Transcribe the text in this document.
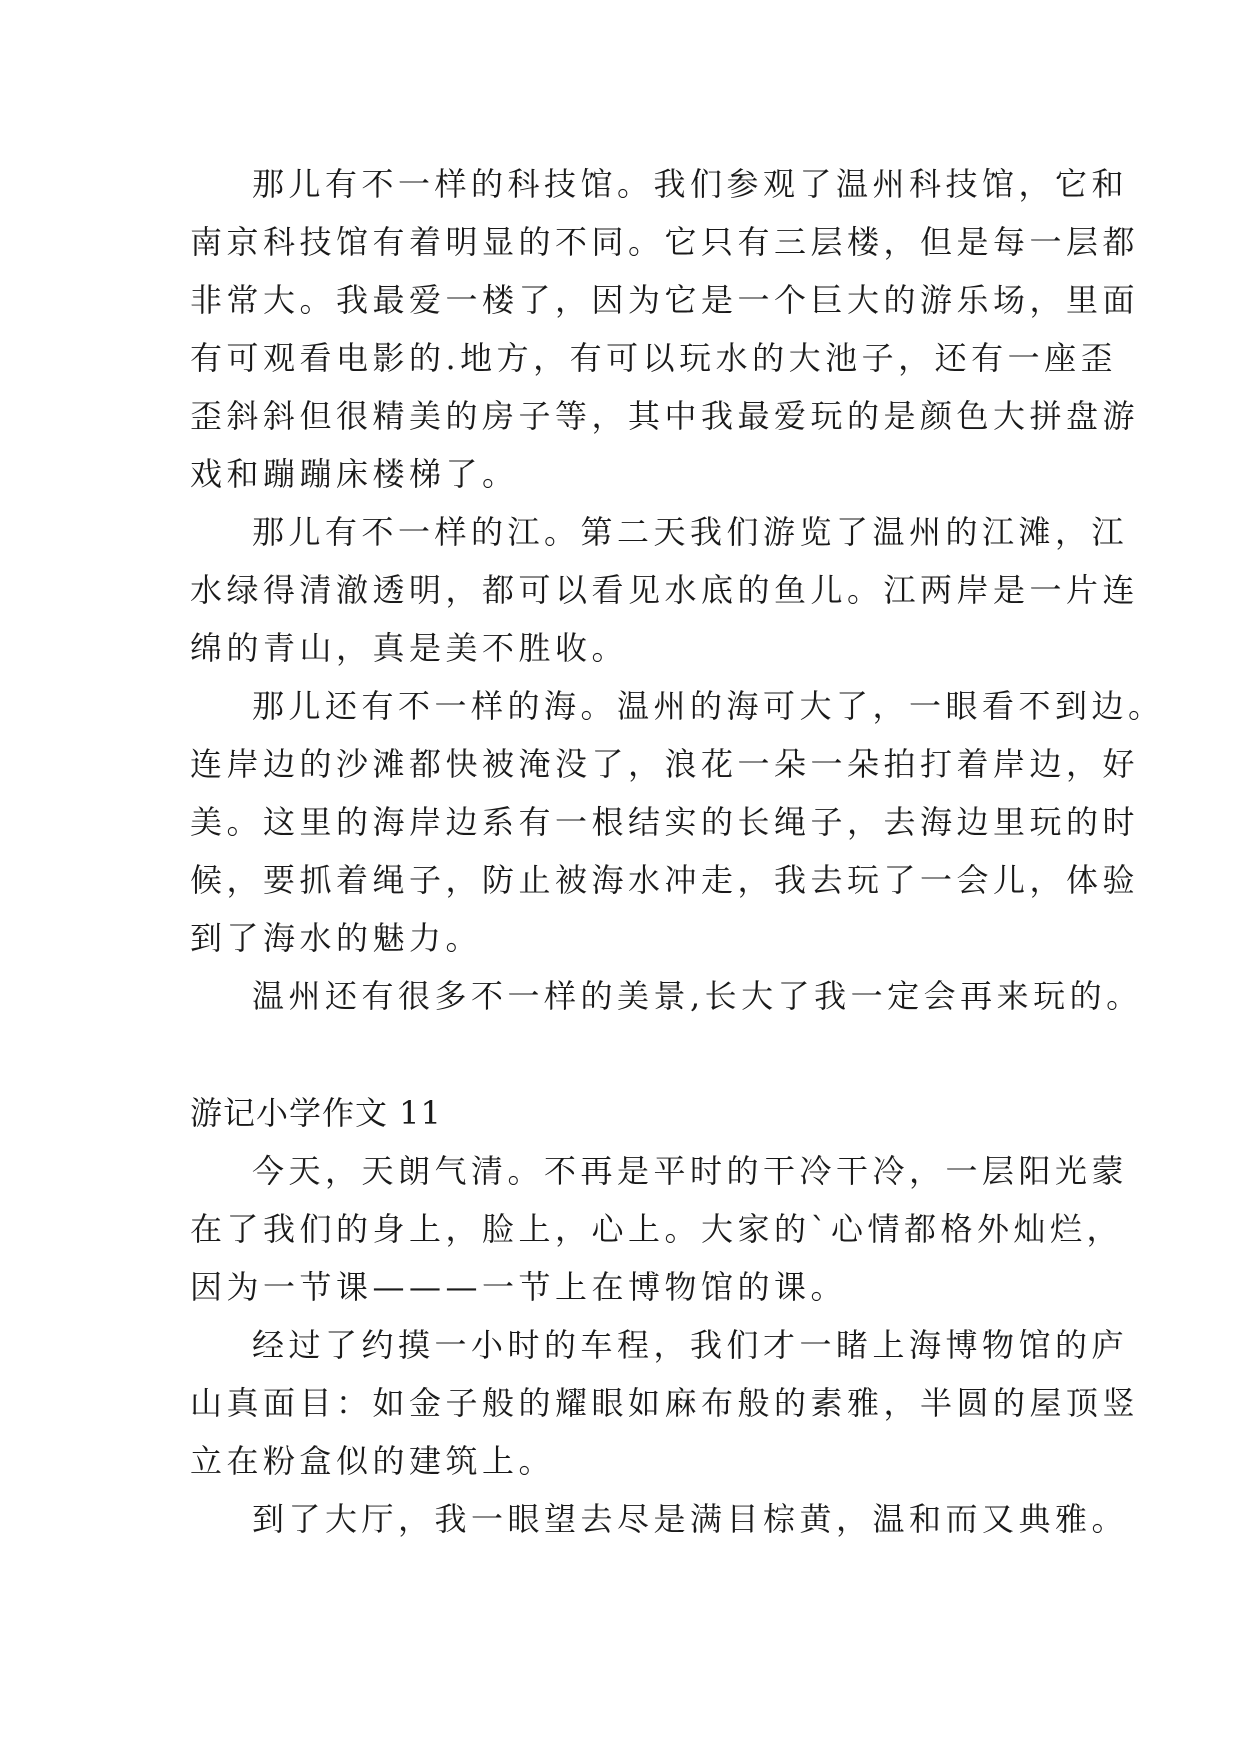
那儿有不一样的科技馆。我们参观了温州科技馆，它和
南京科技馆有着明显的不同。它只有三层楼，但是每一层都
非常大。我最爱一楼了，因为它是一个巨大的游乐场，里面
有可观看电影的.地方，有可以玩水的大池子，还有一座歪
歪斜斜但很精美的房子等，其中我最爱玩的是颜色大拼盘游
戏和蹦蹦床楼梯了。
那儿有不一样的江。第二天我们游览了温州的江滩，江
水绿得清澈透明，都可以看见水底的鱼儿。江两岸是一片连
绵的青山，真是美不胜收。
那儿还有不一样的海。温州的海可大了，一眼看不到边。
连岸边的沙滩都快被淹没了，浪花一朵一朵拍打着岸边，好
美。这里的海岸边系有一根结实的长绳子，去海边里玩的时
候，要抓着绳子，防止被海水冲走，我去玩了一会儿，体验
到了海水的魅力。
温州还有很多不一样的美景,长大了我一定会再来玩的。
游记小学作文 11
今天，天朗气清。不再是平时的干冷干冷，一层阳光蒙
在了我们的身上，脸上，心上。大家的`心情都格外灿烂，
因为一节课———一节上在博物馆的课。
经过了约摸一小时的车程，我们才一睹上海博物馆的庐
山真面目：如金子般的耀眼如麻布般的素雅，半圆的屋顶竖
立在粉盒似的建筑上。
到了大厅，我一眼望去尽是满目棕黄，温和而又典雅。
